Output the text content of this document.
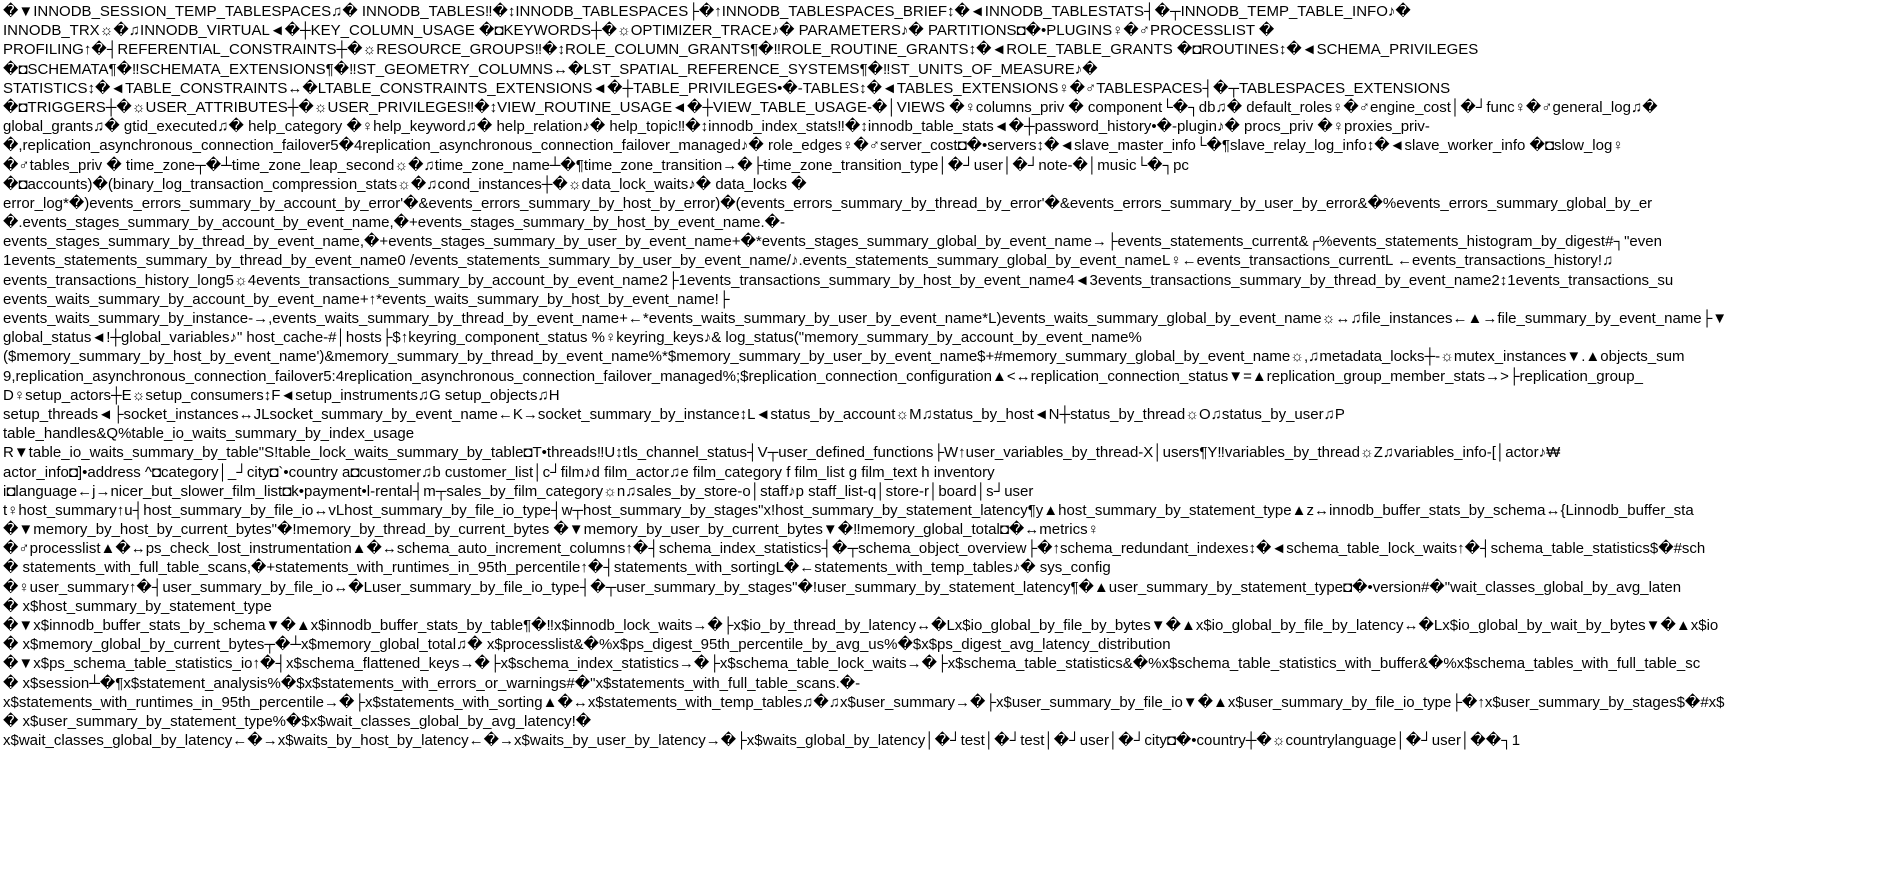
�▼INNODB_SESSION_TEMP_TABLESPACES♫� INNODB_TABLES‼�↕INNODB_TABLESPACES├�↑INNODB_TABLESPACES_BRIEF↕�◄INNODB_TABLESTATS┤�┬INNODB_TEMP_TABLE_INFO♪�
INNODB_TRX☼�♫INNODB_VIRTUAL◄�┼KEY_COLUMN_USAGE �◘KEYWORDS┼�☼OPTIMIZER_TRACE♪� PARAMETERS♪� PARTITIONS◘�•PLUGINS♀�♂PROCESSLIST �
PROFILING↑�┤REFERENTIAL_CONSTRAINTS┼�☼RESOURCE_GROUPS‼�↕ROLE_COLUMN_GRANTS¶�‼ROLE_ROUTINE_GRANTS↕�◄ROLE_TABLE_GRANTS �◘ROUTINES↕�◄SCHEMA_PRIVILEGES
�◘SCHEMATA¶�‼SCHEMATA_EXTENSIONS¶�‼ST_GEOMETRY_COLUMNS↔�LST_SPATIAL_REFERENCE_SYSTEMS¶�‼ST_UNITS_OF_MEASURE♪�
STATISTICS↕�◄TABLE_CONSTRAINTS↔�LTABLE_CONSTRAINTS_EXTENSIONS◄�┼TABLE_PRIVILEGES•�-TABLES↕�◄TABLES_EXTENSIONS♀�♂TABLESPACES┤�┬TABLESPACES_EXTENSIONS
�◘TRIGGERS┼�☼USER_ATTRIBUTES┼�☼USER_PRIVILEGES‼�↕VIEW_ROUTINE_USAGE◄�┼VIEW_TABLE_USAGE-�│VIEWS �♀columns_priv � component└�┐db♫� default_roles♀�♂engine_cost│�┘func♀�♂general_log♫�
global_grants♫� gtid_executed♫� help_category �♀help_keyword♫� help_relation♪� help_topic‼�↕innodb_index_stats‼�↕innodb_table_stats◄�┼password_history•�-plugin♪� procs_priv �♀proxies_priv-
�,replication_asynchronous_connection_failover5�4replication_asynchronous_connection_failover_managed♪� role_edges♀�♂server_cost◘�•servers↕�◄slave_master_info└�¶slave_relay_log_info↕�◄slave_worker_info �◘slow_log♀
�♂tables_priv � time_zone┬�┴time_zone_leap_second☼�♫time_zone_name┴�¶time_zone_transition→�├time_zone_transition_type│�┘user│�┘note-�│music└�┐pc
�◘accounts)�(binary_log_transaction_compression_stats☼�♫cond_instances┼�☼data_lock_waits♪� data_locks �
error_log*�)events_errors_summary_by_account_by_error'�&events_errors_summary_by_host_by_error)�(events_errors_summary_by_thread_by_error'�&events_errors_summary_by_user_by_error&�%events_errors_summary_global_by_er
�.events_stages_summary_by_account_by_event_name,�+events_stages_summary_by_host_by_event_name.�-
events_stages_summary_by_thread_by_event_name,�+events_stages_summary_by_user_by_event_name+�*events_stages_summary_global_by_event_name→├events_statements_current&┌%events_statements_histogram_by_digest#┐"even
1events_statements_summary_by_thread_by_event_name0 /events_statements_summary_by_user_by_event_name/♪.events_statements_summary_global_by_event_nameL♀←events_transactions_currentL ←events_transactions_history!♫
events_transactions_history_long5☼4events_transactions_summary_by_account_by_event_name2├1events_transactions_summary_by_host_by_event_name4◄3events_transactions_summary_by_thread_by_event_name2↕1events_transactions_su
events_waits_summary_by_account_by_event_name+↑*events_waits_summary_by_host_by_event_name!├
events_waits_summary_by_instance-→,events_waits_summary_by_thread_by_event_name+←*events_waits_summary_by_user_by_event_name*L)events_waits_summary_global_by_event_name☼↔♫file_instances←▲→file_summary_by_event_name├▼
global_status◄!┼global_variables♪" host_cache-#│hosts├$↑keyring_component_status %♀keyring_keys♪& log_status("memory_summary_by_account_by_event_name%
($memory_summary_by_host_by_event_name')&memory_summary_by_thread_by_event_name%*$memory_summary_by_user_by_event_name$+#memory_summary_global_by_event_name☼,♫metadata_locks┼-☼mutex_instances▼.▲objects_sum
9,replication_asynchronous_connection_failover5:4replication_asynchronous_connection_failover_managed%;$replication_connection_configuration▲<↔replication_connection_status▼=▲replication_group_member_stats→>├replication_group_
D♀setup_actors┼E☼setup_consumers↕F◄setup_instruments♫G setup_objects♫H
setup_threads◄├socket_instances↔JLsocket_summary_by_event_name←K→socket_summary_by_instance↕L◄status_by_account☼M♫status_by_host◄N┼status_by_thread☼O♫status_by_user♫P
table_handles&Q%table_io_waits_summary_by_index_usage
R▼table_io_waits_summary_by_table"S!table_lock_waits_summary_by_table◘T•threads‼U↕tls_channel_status┤V┬user_defined_functions├W↑user_variables_by_thread-X│users¶Y‼variables_by_thread☼Z♫variables_info-[│actor♪₩
actor_info◘]•address ^◘category│_┘city◘`•country a◘customer♫b customer_list│c┘film♪d film_actor♫e film_category f film_list g film_text h inventory
i◘language←j→nicer_but_slower_film_list◘k•payment•l-rental┤m┬sales_by_film_category☼n♫sales_by_store-o│staff♪p staff_list-q│store-r│board│s┘user
t♀host_summary↑u┤host_summary_by_file_io↔vLhost_summary_by_file_io_type┤w┬host_summary_by_stages"x!host_summary_by_statement_latency¶y▲host_summary_by_statement_type▲z↔innodb_buffer_stats_by_schema↔{Linnodb_buffer_sta
�▼memory_by_host_by_current_bytes"�!memory_by_thread_by_current_bytes �▼memory_by_user_by_current_bytes▼�‼memory_global_total◘�↔metrics♀
�♂processlist▲�↔ps_check_lost_instrumentation▲�↔schema_auto_increment_columns↑�┤schema_index_statistics┤�┬schema_object_overview├�↑schema_redundant_indexes↕�◄schema_table_lock_waits↑�┤schema_table_statistics$�#sch
� statements_with_full_table_scans,�+statements_with_runtimes_in_95th_percentile↑�┤statements_with_sortingL�←statements_with_temp_tables♪� sys_config
�♀user_summary↑�┤user_summary_by_file_io↔�Luser_summary_by_file_io_type┤�┬user_summary_by_stages"�!user_summary_by_statement_latency¶�▲user_summary_by_statement_type◘�•version#�"wait_classes_global_by_avg_laten
� x$host_summary_by_statement_type
�▼x$innodb_buffer_stats_by_schema▼�▲x$innodb_buffer_stats_by_table¶�‼x$innodb_lock_waits→�├x$io_by_thread_by_latency↔�Lx$io_global_by_file_by_bytes▼�▲x$io_global_by_file_by_latency↔�Lx$io_global_by_wait_by_bytes▼�▲x$io
� x$memory_global_by_current_bytes┬�┴x$memory_global_total♫� x$processlist&�%x$ps_digest_95th_percentile_by_avg_us%�$x$ps_digest_avg_latency_distribution
�▼x$ps_schema_table_statistics_io↑�┤x$schema_flattened_keys→�├x$schema_index_statistics→�├x$schema_table_lock_waits→�├x$schema_table_statistics&�%x$schema_table_statistics_with_buffer&�%x$schema_tables_with_full_table_sc
� x$session┴�¶x$statement_analysis%�$x$statements_with_errors_or_warnings#�"x$statements_with_full_table_scans.�-
x$statements_with_runtimes_in_95th_percentile→�├x$statements_with_sorting▲�↔x$statements_with_temp_tables♫�♫x$user_summary→�├x$user_summary_by_file_io▼�▲x$user_summary_by_file_io_type├�↑x$user_summary_by_stages$�#x$
� x$user_summary_by_statement_type%�$x$wait_classes_global_by_avg_latency!�
x$wait_classes_global_by_latency←�→x$waits_by_host_by_latency←�→x$waits_by_user_by_latency→�├x$waits_global_by_latency│�┘test│�┘test│�┘user│�┘city◘�•country┼�☼countrylanguage│�┘user│��┐1
